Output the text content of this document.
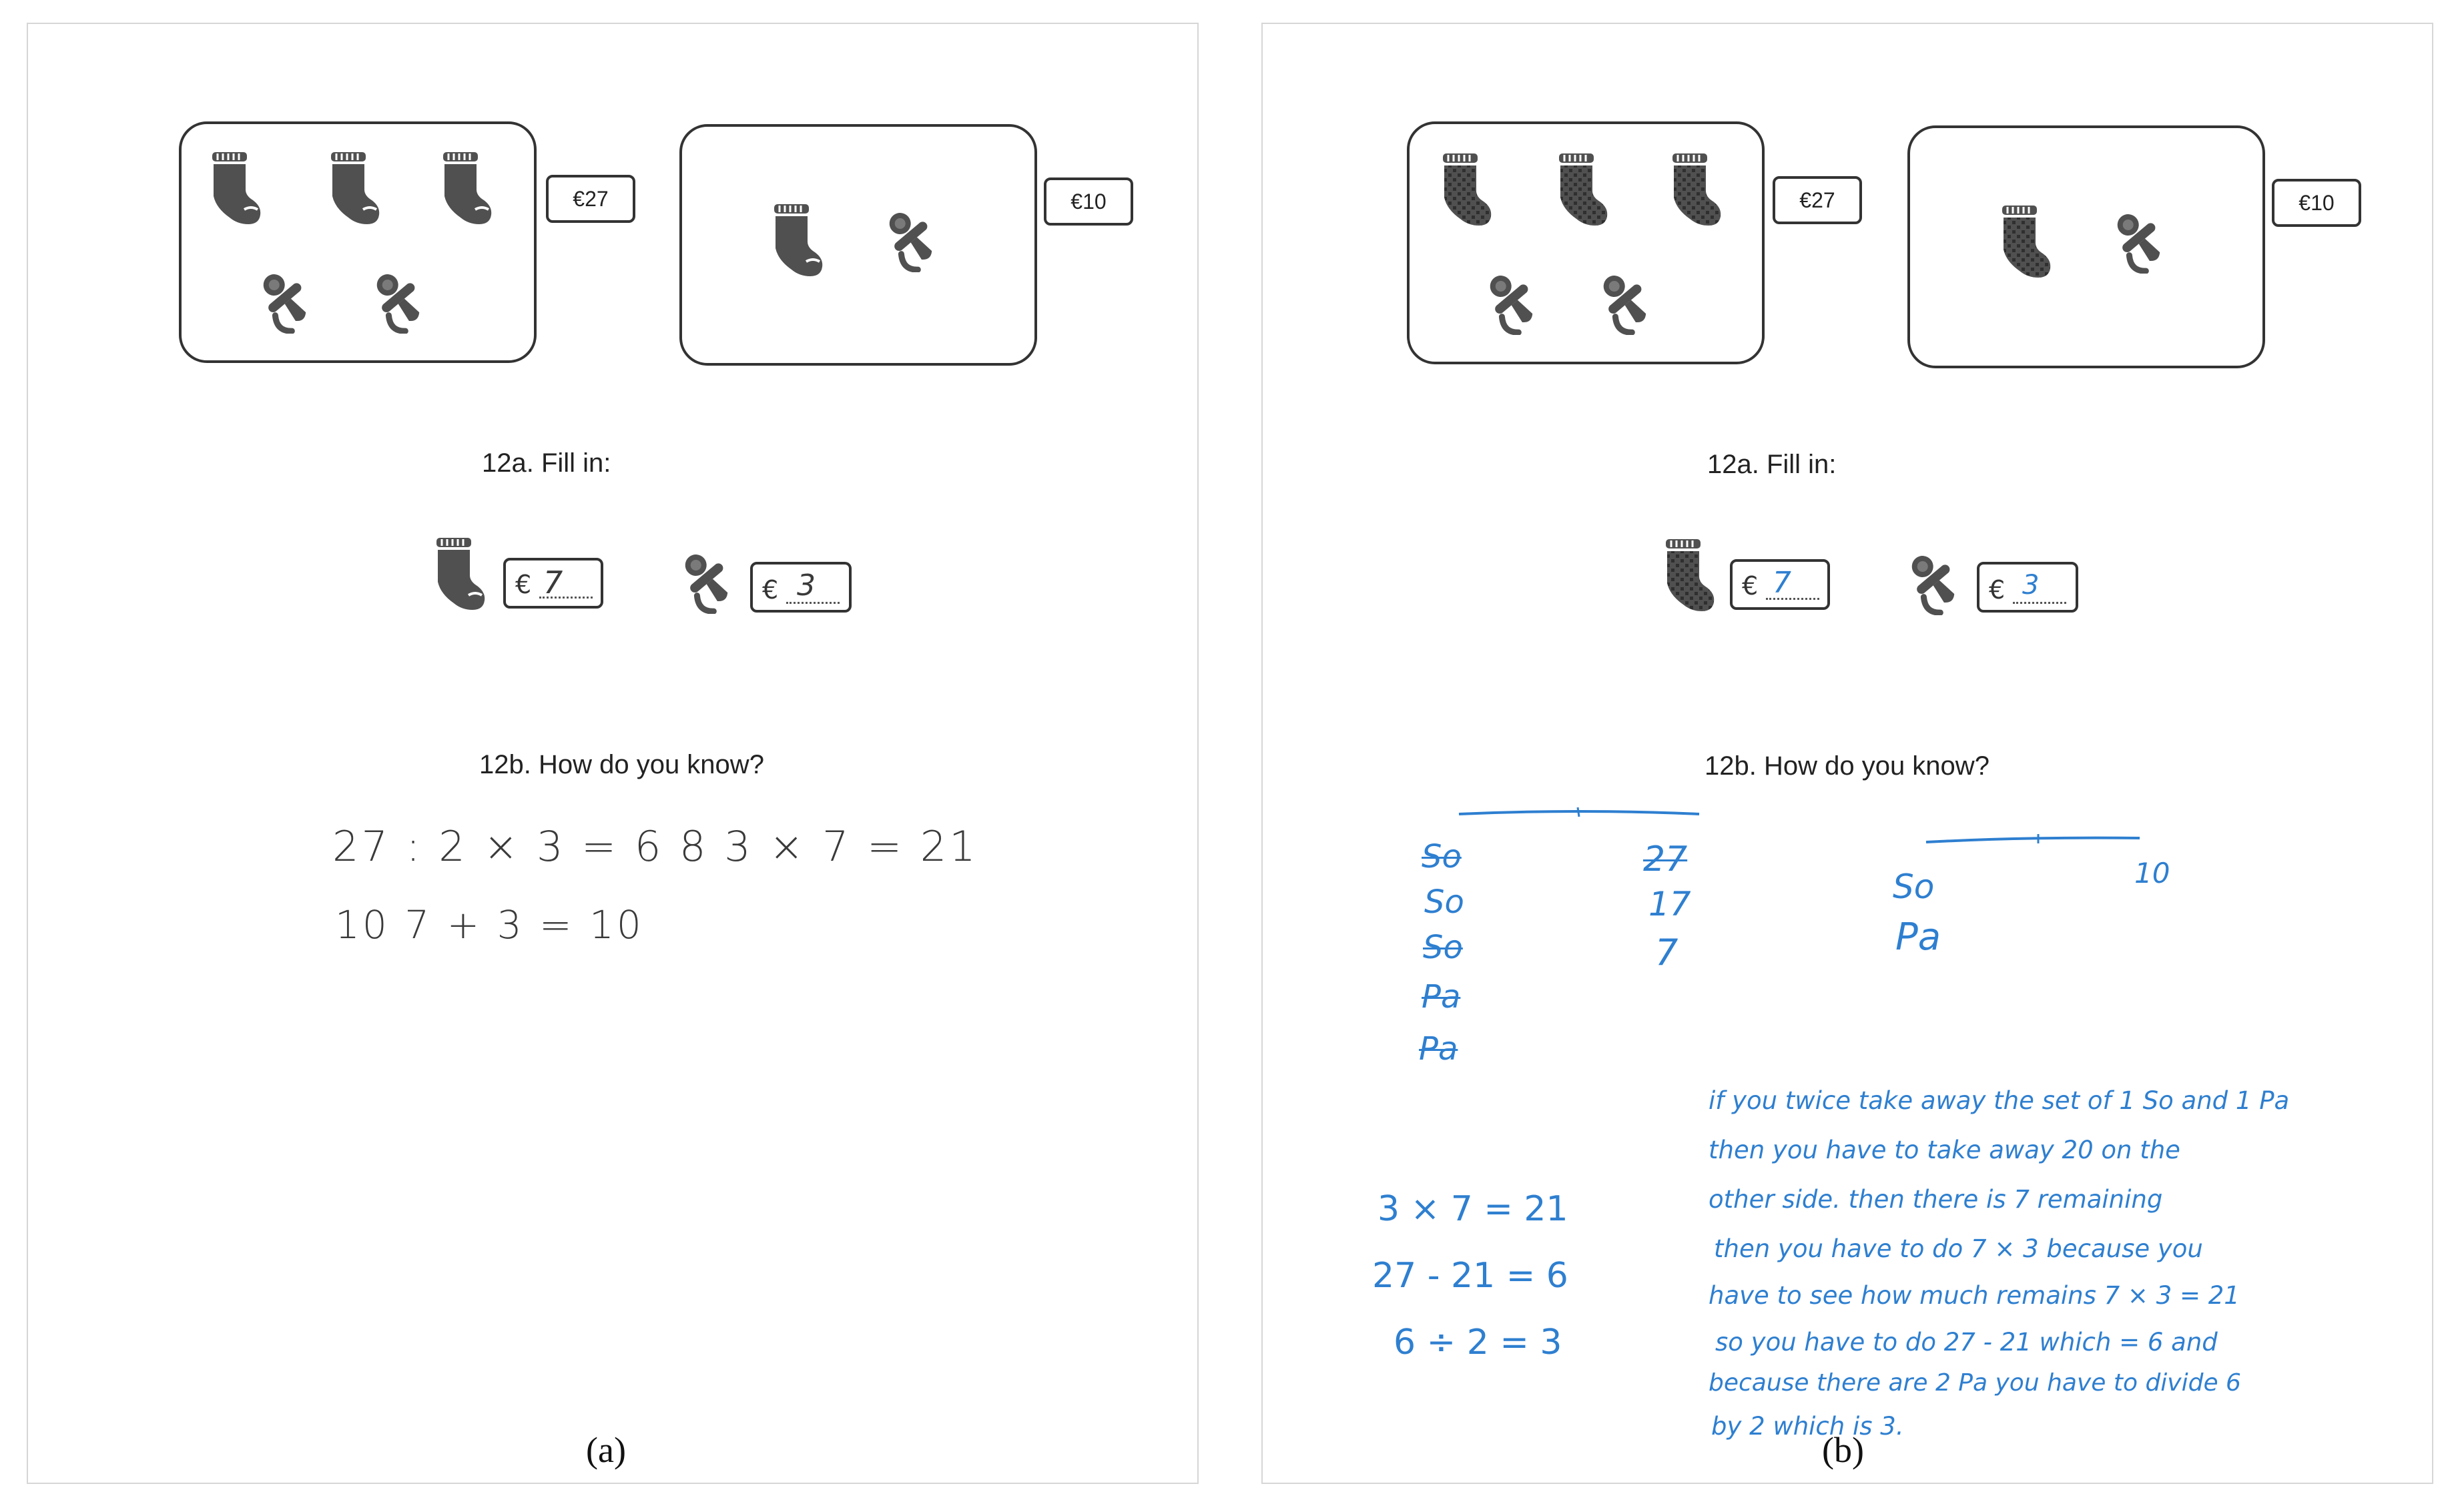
€27	€10
12a. Fill in:
€ 7	€ 3
12b. How do you know?
27 : 2 × 3 = 6 8 3 × 7 = 21
10 7 + 3 = 10
(a)
€27	€10
12a. Fill in:
€ 7	€ 3
12b. How do you know?
So
So
So
Pa
Pa
27
17
7
So
Pa
10
3 × 7 = 21
27 - 21 = 6
6 ÷ 2 = 3
if you twice take away the set of 1 So and 1 Pa
then you have to take away 20 on the
other side. then there is 7 remaining
then you have to do 7 × 3 because you
have to see how much remains 7 × 3 = 21
so you have to do 27 - 21 which = 6 and
because there are 2 Pa you have to divide 6
by 2 which is 3.
(b)
